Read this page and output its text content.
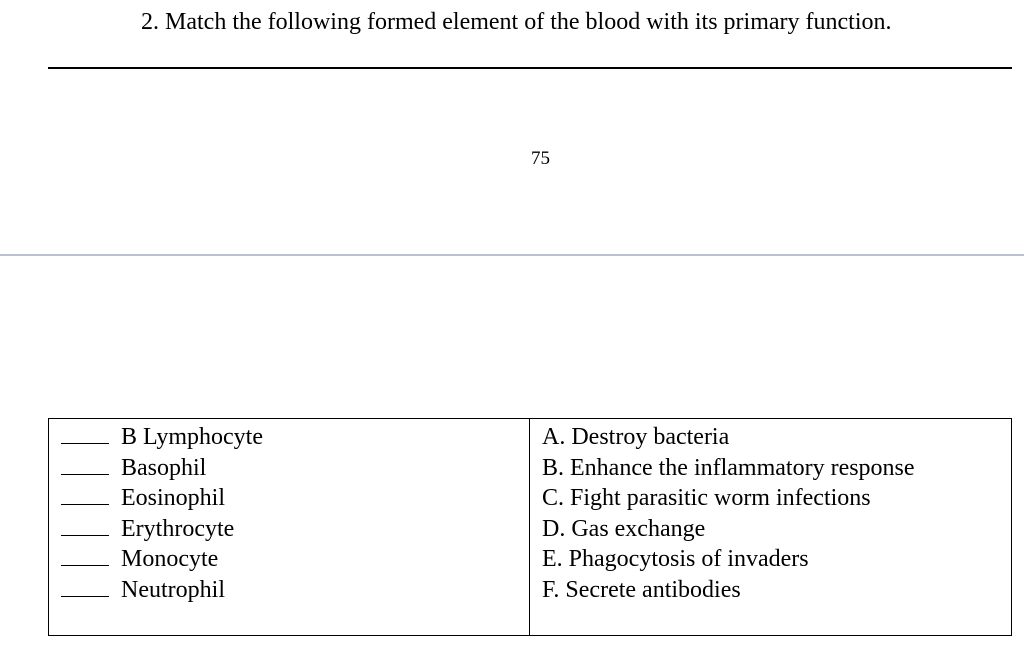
2. Match the following formed element of the blood with its primary function.
75
B Lymphocyte
Basophil
Eosinophil
Erythrocyte
Monocyte
Neutrophil
A. Destroy bacteria
B. Enhance the inflammatory response
C. Fight parasitic worm infections
D. Gas exchange
E. Phagocytosis of invaders
F. Secrete antibodies
